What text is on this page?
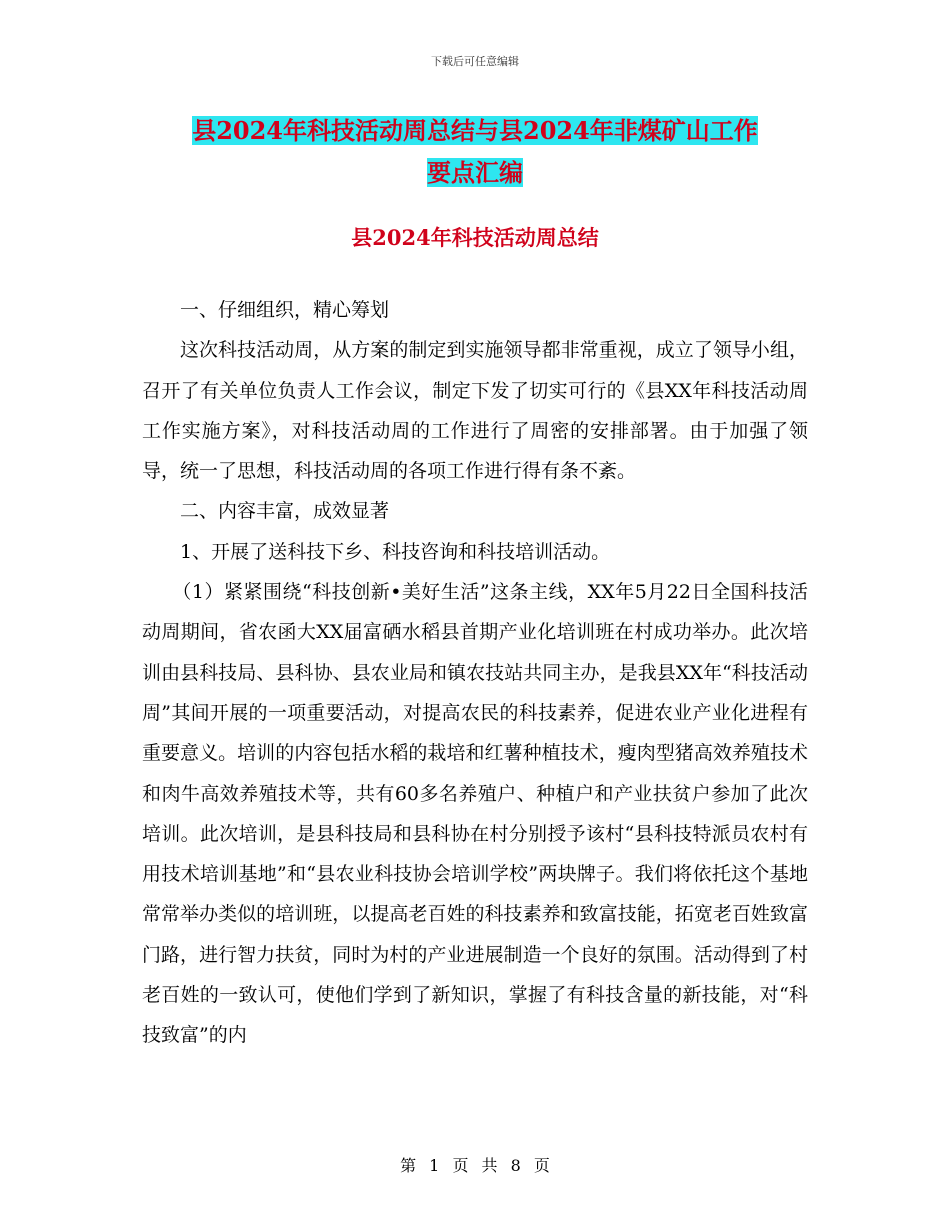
下载后可任意编辑
县2024年科技活动周总结与县2024年非煤矿山工作
要点汇编
县2024年科技活动周总结

一、仔细组织，精心筹划

这次科技活动周，从方案的制定到实施领导都非常重视，成立了领导小组，召开了有关单位负责人工作会议，制定下发了切实可行的《县XX年科技活动周工作实施方案》，对科技活动周的工作进行了周密的安排部署。由于加强了领导，统一了思想，科技活动周的各项工作进行得有条不紊。

二、内容丰富，成效显著

1、开展了送科技下乡、科技咨询和科技培训活动。

（1）紧紧围绕“科技创新•美好生活”这条主线，XX年5月22日全国科技活动周期间，省农函大XX届富硒水稻县首期产业化培训班在村成功举办。此次培训由县科技局、县科协、县农业局和镇农技站共同主办，是我县XX年“科技活动周”其间开展的一项重要活动，对提高农民的科技素养，促进农业产业化进程有重要意义。培训的内容包括水稻的栽培和红薯种植技术，瘦肉型猪高效养殖技术和肉牛高效养殖技术等，共有60多名养殖户、种植户和产业扶贫户参加了此次培训。此次培训，是县科技局和县科协在村分别授予该村“县科技特派员农村有用技术培训基地”和“县农业科技协会培训学校”两块牌子。我们将依托这个基地常常举办类似的培训班，以提高老百姓的科技素养和致富技能，拓宽老百姓致富门路，进行智力扶贫，同时为村的产业进展制造一个良好的氛围。活动得到了村老百姓的一致认可，使他们学到了新知识，掌握了有科技含量的新技能，对“科技致富”的内

第 1 页 共 8 页
